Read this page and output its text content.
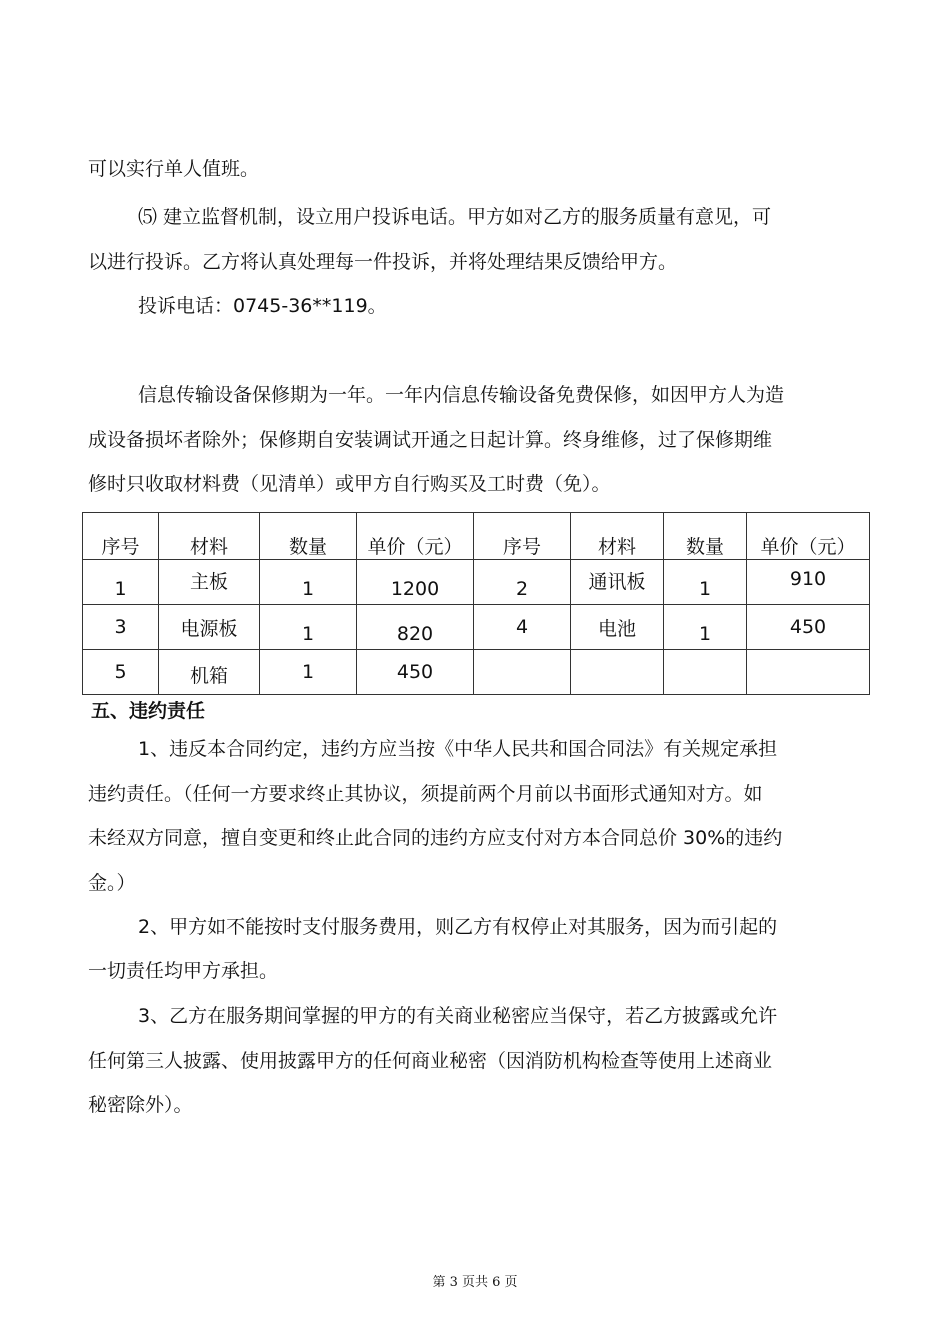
可以实行单人值班。
⑸ 建立监督机制，设立用户投诉电话。甲方如对乙方的服务质量有意见，可
以进行投诉。乙方将认真处理每一件投诉，并将处理结果反馈给甲方。
投诉电话：0745-36**119。
信息传输设备保修期为一年。一年内信息传输设备免费保修，如因甲方人为造
成设备损坏者除外；保修期自安装调试开通之日起计算。终身维修，过了保修期维
修时只收取材料费（见清单）或甲方自行购买及工时费（免）。
序号	材料	数量	单价（元）	序号	材料	数量	单价（元）
1	主板	1	1200	2	通讯板	1	910
3	电源板	1	820	4	电池	1	450
5	机箱	1	450				
五、违约责任
1、违反本合同约定，违约方应当按《中华人民共和国合同法》有关规定承担
违约责任。（任何一方要求终止其协议，须提前两个月前以书面形式通知对方。如
未经双方同意，擅自变更和终止此合同的违约方应支付对方本合同总价 30%的违约
金。）
2、甲方如不能按时支付服务费用，则乙方有权停止对其服务，因为而引起的
一切责任均甲方承担。
3、乙方在服务期间掌握的甲方的有关商业秘密应当保守，若乙方披露或允许
任何第三人披露、使用披露甲方的任何商业秘密（因消防机构检查等使用上述商业
秘密除外）。
第 3 页共 6 页
